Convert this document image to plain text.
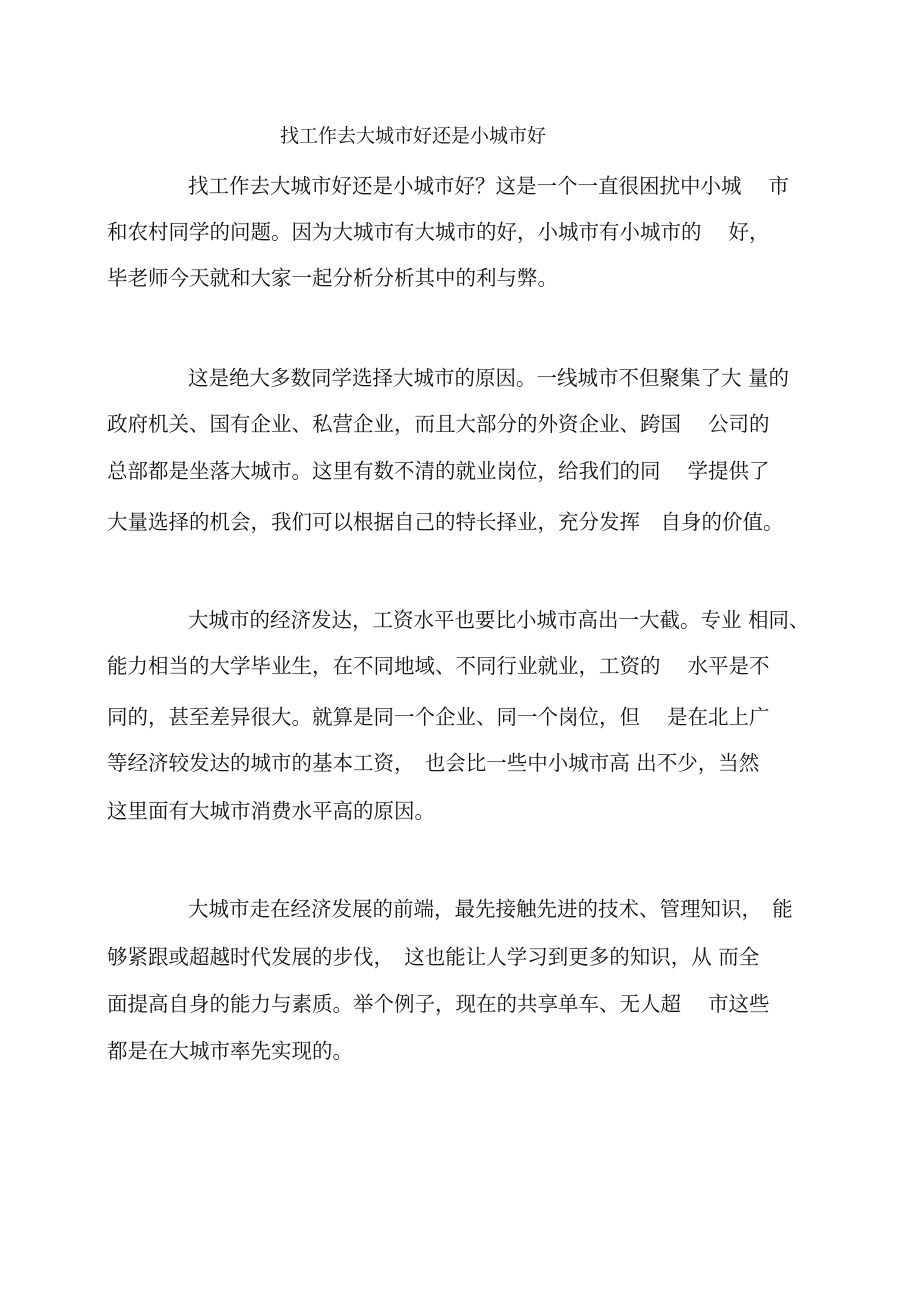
找工作去大城市好还是小城市好

找工作去大城市好还是小城市好？这是一个一直很困扰中小城　 市

和农村同学的问题。因为大城市有大城市的好，小城市有小城市的　 好，

毕老师今天就和大家一起分析分析其中的利与弊。

这是绝大多数同学选择大城市的原因。一线城市不但聚集了大 量的

政府机关、国有企业、私营企业，而且大部分的外资企业、跨国　 公司的

总部都是坐落大城市。这里有数不清的就业岗位，给我们的同　 学提供了

大量选择的机会，我们可以根据自己的特长择业，充分发挥　自身的价值。

大城市的经济发达，工资水平也要比小城市高出一大截。专业 相同、

能力相当的大学毕业生，在不同地域、不同行业就业，工资的　 水平是不

同的，甚至差异很大。就算是同一个企业、同一个岗位，但　 是在北上广

等经济较发达的城市的基本工资，　也会比一些中小城市高 出不少，当然

这里面有大城市消费水平高的原因。

大城市走在经济发展的前端，最先接触先进的技术、管理知识，　能

够紧跟或超越时代发展的步伐，　这也能让人学习到更多的知识，从 而全

面提高自身的能力与素质。举个例子，现在的共享单车、无人超　 市这些

都是在大城市率先实现的。
